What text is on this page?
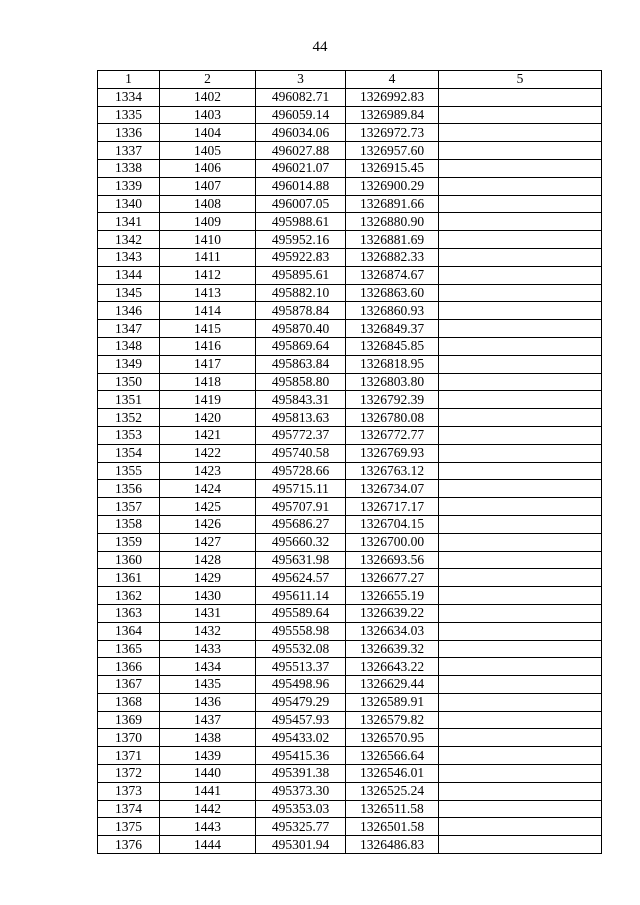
44
1	2	3	4	5
1334	1402	496082.71	1326992.83	
1335	1403	496059.14	1326989.84	
1336	1404	496034.06	1326972.73	
1337	1405	496027.88	1326957.60	
1338	1406	496021.07	1326915.45	
1339	1407	496014.88	1326900.29	
1340	1408	496007.05	1326891.66	
1341	1409	495988.61	1326880.90	
1342	1410	495952.16	1326881.69	
1343	1411	495922.83	1326882.33	
1344	1412	495895.61	1326874.67	
1345	1413	495882.10	1326863.60	
1346	1414	495878.84	1326860.93	
1347	1415	495870.40	1326849.37	
1348	1416	495869.64	1326845.85	
1349	1417	495863.84	1326818.95	
1350	1418	495858.80	1326803.80	
1351	1419	495843.31	1326792.39	
1352	1420	495813.63	1326780.08	
1353	1421	495772.37	1326772.77	
1354	1422	495740.58	1326769.93	
1355	1423	495728.66	1326763.12	
1356	1424	495715.11	1326734.07	
1357	1425	495707.91	1326717.17	
1358	1426	495686.27	1326704.15	
1359	1427	495660.32	1326700.00	
1360	1428	495631.98	1326693.56	
1361	1429	495624.57	1326677.27	
1362	1430	495611.14	1326655.19	
1363	1431	495589.64	1326639.22	
1364	1432	495558.98	1326634.03	
1365	1433	495532.08	1326639.32	
1366	1434	495513.37	1326643.22	
1367	1435	495498.96	1326629.44	
1368	1436	495479.29	1326589.91	
1369	1437	495457.93	1326579.82	
1370	1438	495433.02	1326570.95	
1371	1439	495415.36	1326566.64	
1372	1440	495391.38	1326546.01	
1373	1441	495373.30	1326525.24	
1374	1442	495353.03	1326511.58	
1375	1443	495325.77	1326501.58	
1376	1444	495301.94	1326486.83	
